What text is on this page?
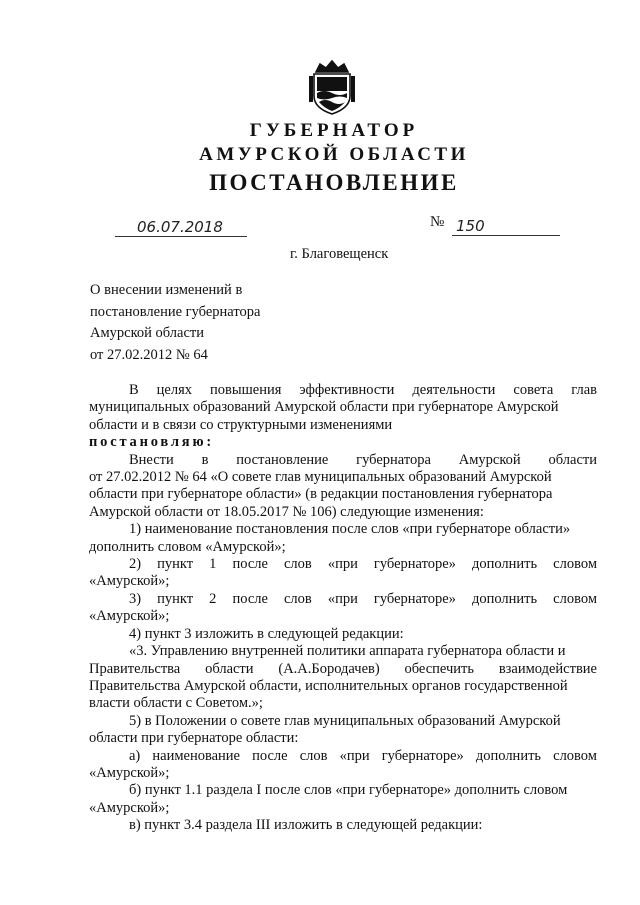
ГУБЕРНАТОР
АМУРСКОЙ ОБЛАСТИ
ПОСТАНОВЛЕНИЕ
06.07.2018	№ 150
г. Благовещенск
О внесении изменений в
постановление губернатора
Амурской области
от 27.02.2012 № 64
В целях повышения эффективности деятельности совета глав
муниципальных образований Амурской области при губернаторе Амурской
области и в связи со структурными изменениями
постановляю:
Внести в постановление губернатора Амурской области
от 27.02.2012 № 64 «О совете глав муниципальных образований Амурской
области при губернаторе области» (в редакции постановления губернатора
Амурской области от 18.05.2017 № 106) следующие изменения:
1) наименование постановления после слов «при губернаторе области»
дополнить словом «Амурской»;
2) пункт 1 после слов «при губернаторе» дополнить словом
«Амурской»;
3) пункт 2 после слов «при губернаторе» дополнить словом
«Амурской»;
4) пункт 3 изложить в следующей редакции:
«3. Управлению внутренней политики аппарата губернатора области и
Правительства области (А.А.Бородачев) обеспечить взаимодействие
Правительства Амурской области, исполнительных органов государственной
власти области с Советом.»;
5) в Положении о совете глав муниципальных образований Амурской
области при губернаторе области:
а) наименование после слов «при губернаторе» дополнить словом
«Амурской»;
б) пункт 1.1 раздела I после слов «при губернаторе» дополнить словом
«Амурской»;
в) пункт 3.4 раздела III изложить в следующей редакции:
